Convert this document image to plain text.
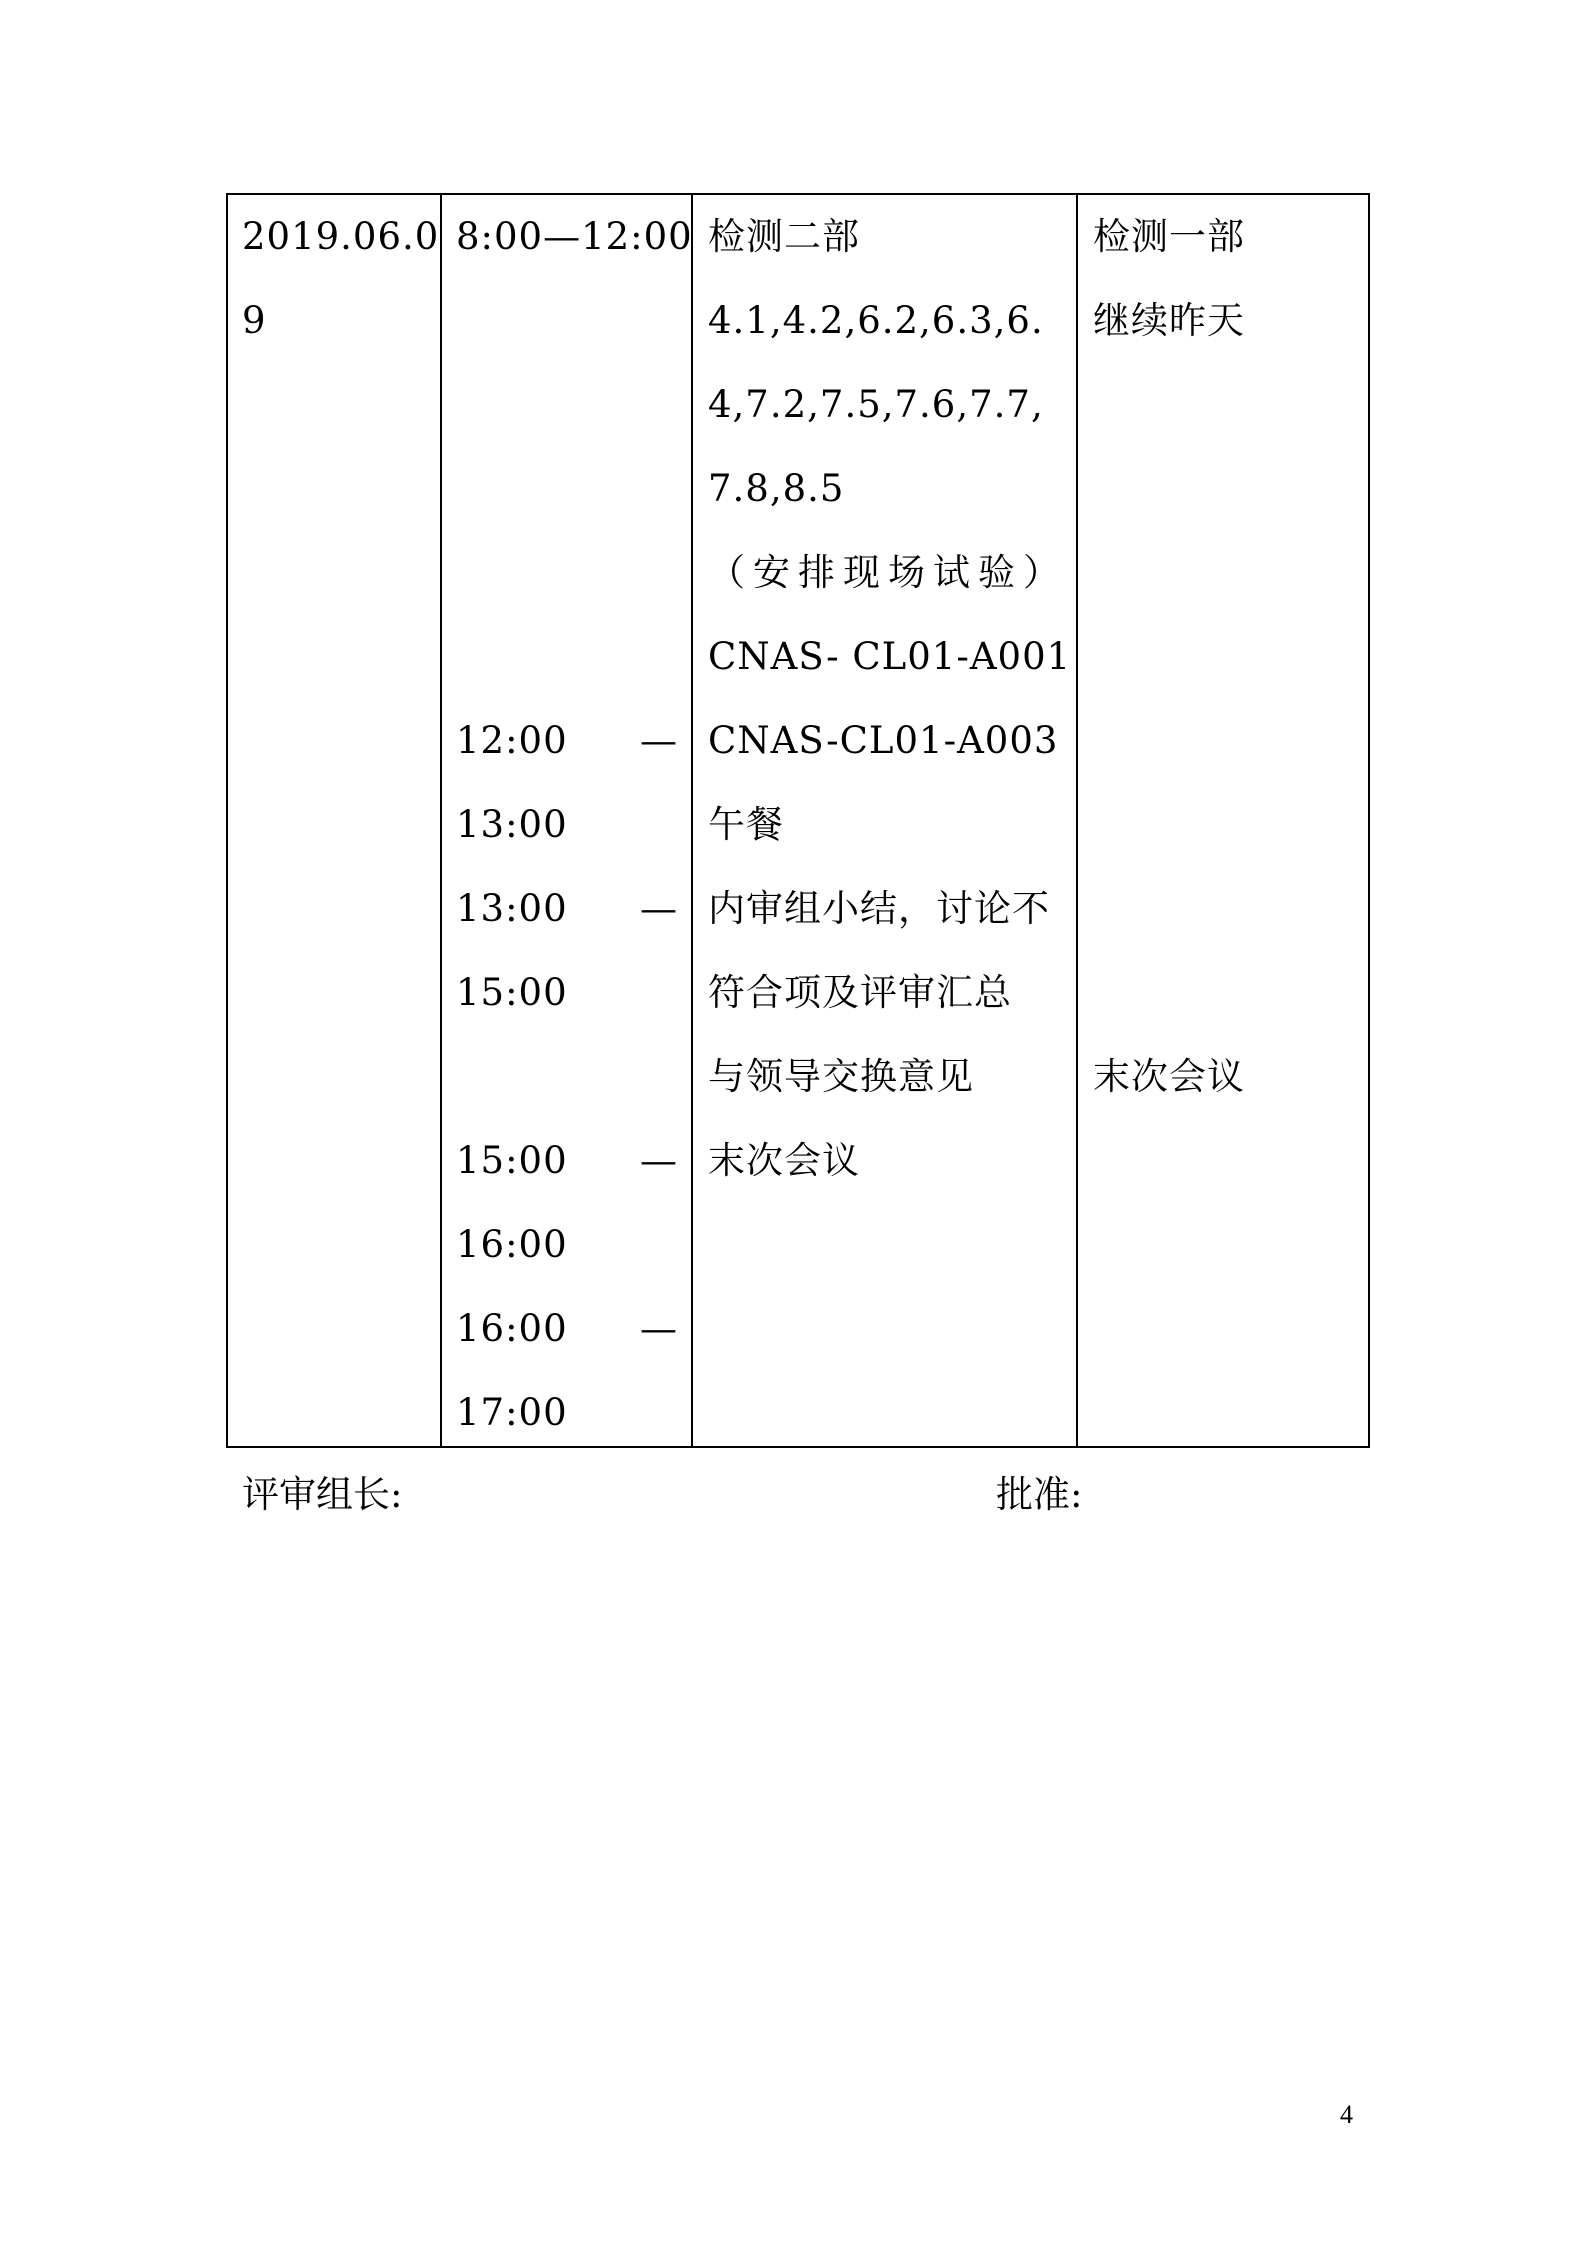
2019.06.0
9
8:00—12:00
12:00 —
13:00
13:00 —
15:00
15:00 —
16:00
16:00 —
17:00
检测二部
4.1,4.2,6.2,6.3,6.
4,7.2,7.5,7.6,7.7,
7.8,8.5
（安排现场试验）
CNAS- CL01-A001
CNAS-CL01-A003
午餐
内审组小结，讨论不
符合项及评审汇总
与领导交换意见
末次会议
检测一部
继续昨天
末次会议
评审组长:	批准:
4
